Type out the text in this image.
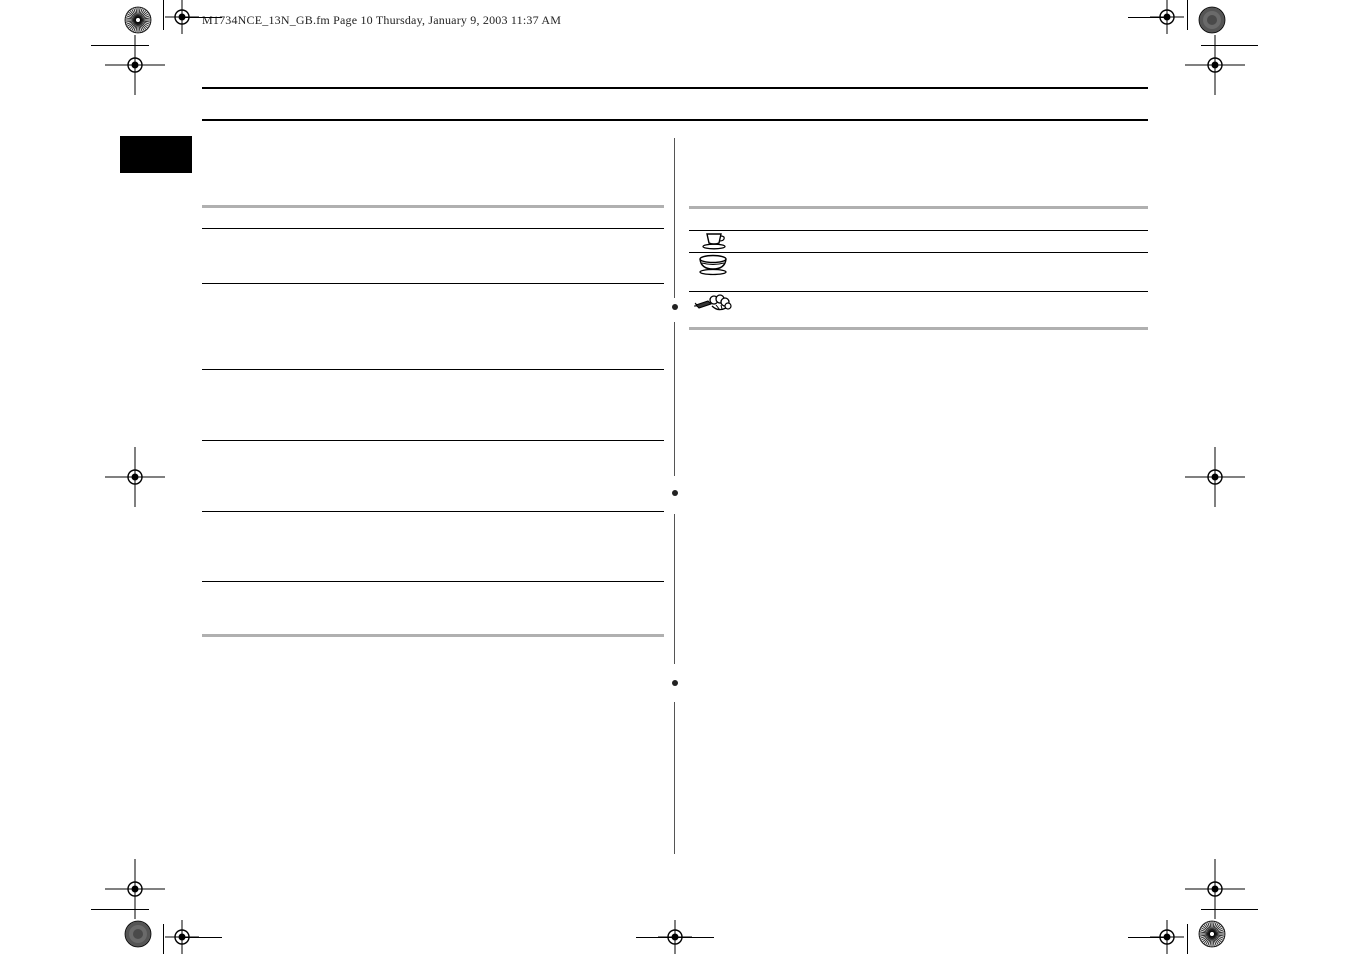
M1734NCE_13N_GB.fm Page 10 Thursday, January 9, 2003 11:37 AM
